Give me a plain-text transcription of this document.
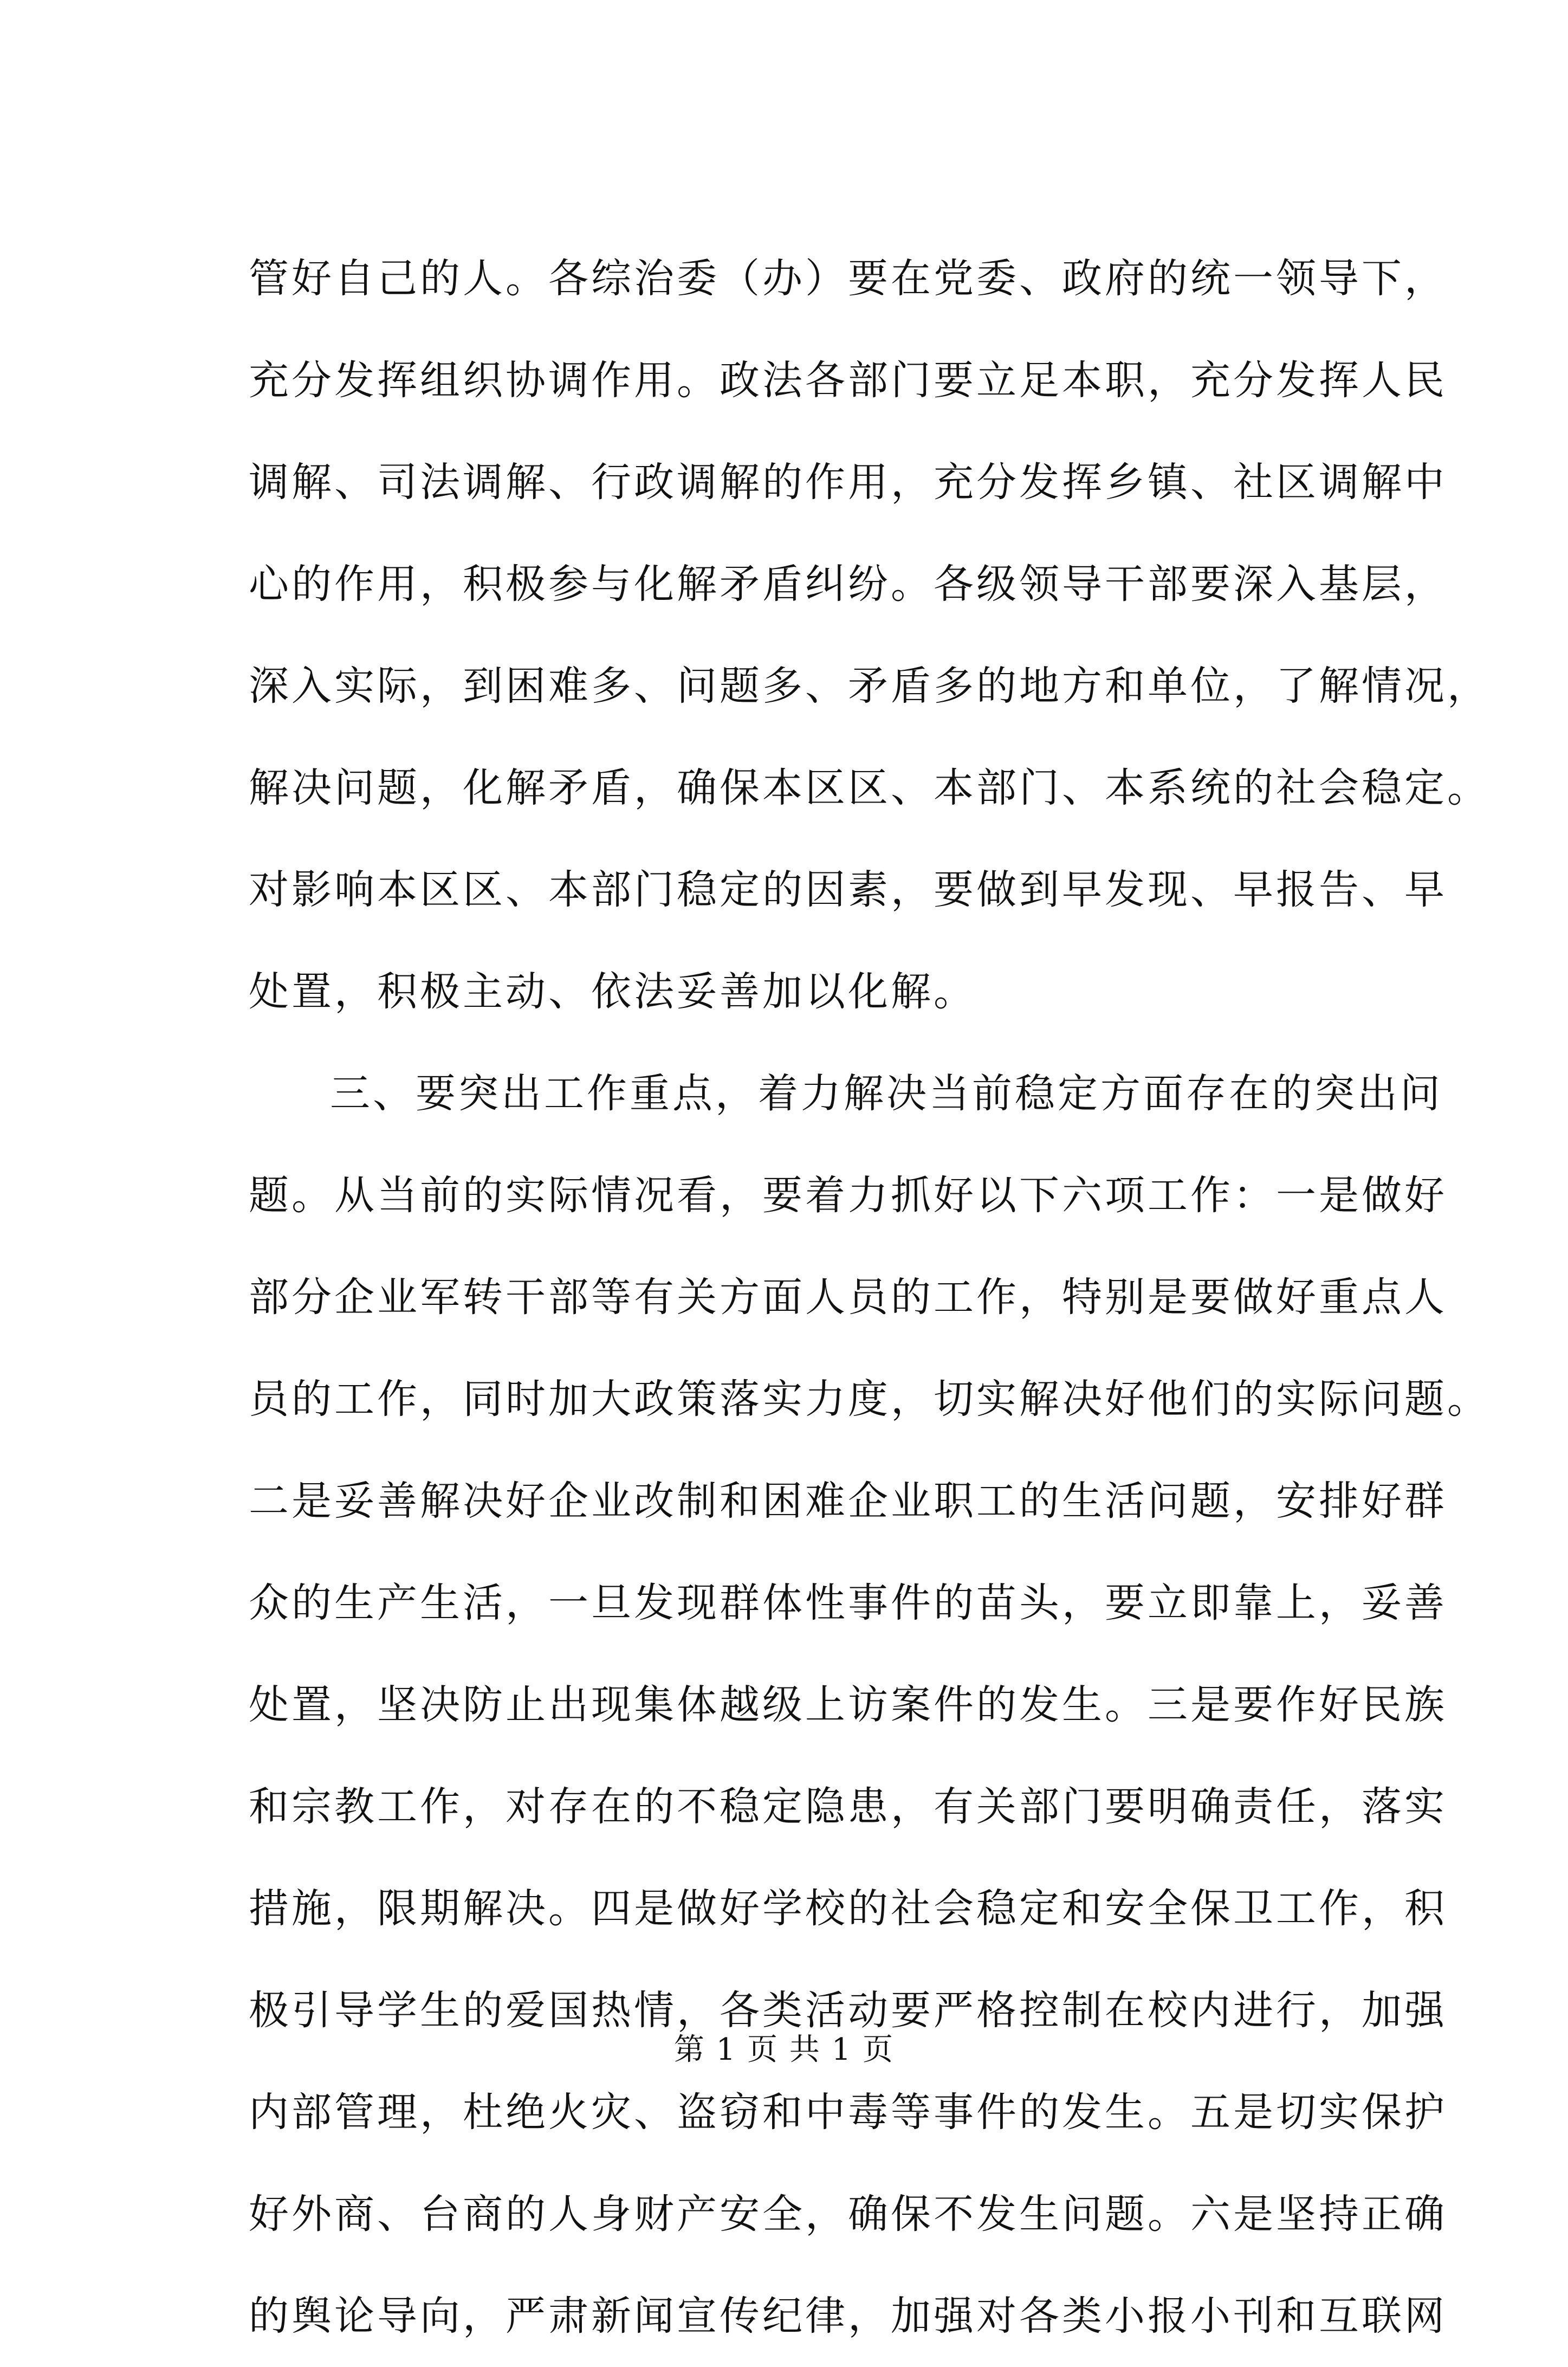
管好自己的人。各综治委（办）要在党委、政府的统一领导下，
充分发挥组织协调作用。政法各部门要立足本职，充分发挥人民
调解、司法调解、行政调解的作用，充分发挥乡镇、社区调解中
心的作用，积极参与化解矛盾纠纷。各级领导干部要深入基层，
深入实际，到困难多、问题多、矛盾多的地方和单位，了解情况，
解决问题，化解矛盾，确保本区区、本部门、本系统的社会稳定。
对影响本区区、本部门稳定的因素，要做到早发现、早报告、早
处置，积极主动、依法妥善加以化解。
三、要突出工作重点，着力解决当前稳定方面存在的突出问
题。从当前的实际情况看，要着力抓好以下六项工作：一是做好
部分企业军转干部等有关方面人员的工作，特别是要做好重点人
员的工作，同时加大政策落实力度，切实解决好他们的实际问题。
二是妥善解决好企业改制和困难企业职工的生活问题，安排好群
众的生产生活，一旦发现群体性事件的苗头，要立即靠上，妥善
处置，坚决防止出现集体越级上访案件的发生。三是要作好民族
和宗教工作，对存在的不稳定隐患，有关部门要明确责任，落实
措施，限期解决。四是做好学校的社会稳定和安全保卫工作，积
极引导学生的爱国热情，各类活动要严格控制在校内进行，加强
内部管理，杜绝火灾、盗窃和中毒等事件的发生。五是切实保护
好外商、台商的人身财产安全，确保不发生问题。六是坚持正确
的舆论导向，严肃新闻宣传纪律，加强对各类小报小刊和互联网
第 1 页 共 1 页
